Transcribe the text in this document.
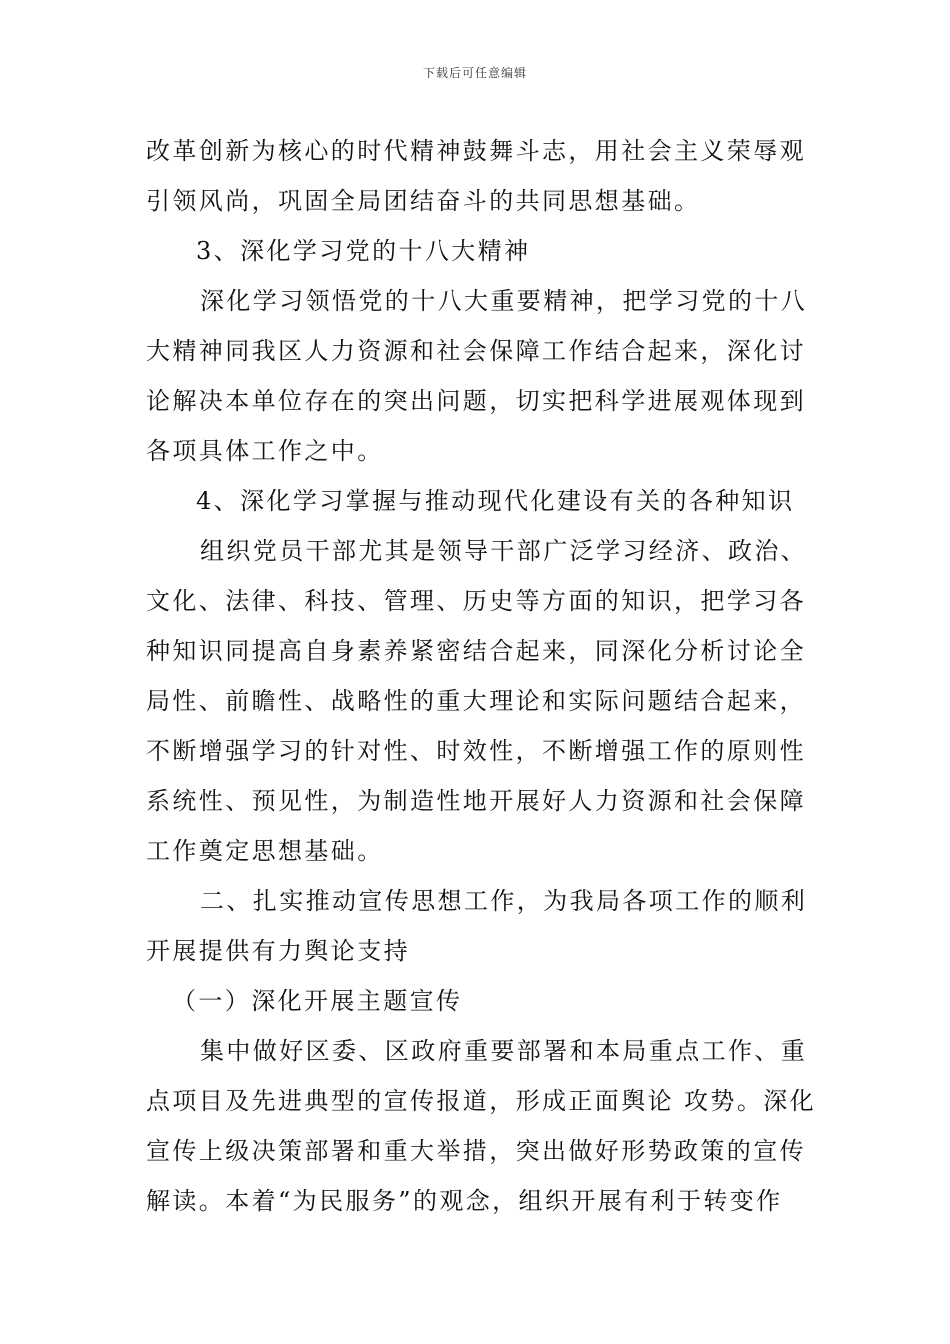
下载后可任意编辑
改革创新为核心的时代精神鼓舞斗志，用社会主义荣辱观
引领风尚，巩固全局团结奋斗的共同思想基础。
3、深化学习党的十八大精神
深化学习领悟党的十八大重要精神，把学习党的十八
大精神同我区人力资源和社会保障工作结合起来，深化讨
论解决本单位存在的突出问题，切实把科学进展观体现到
各项具体工作之中。
4、深化学习掌握与推动现代化建设有关的各种知识
组织党员干部尤其是领导干部广泛学习经济、政治、
文化、法律、科技、管理、历史等方面的知识，把学习各
种知识同提高自身素养紧密结合起来，同深化分析讨论全
局性、前瞻性、战略性的重大理论和实际问题结合起来，
不断增强学习的针对性、时效性，不断增强工作的原则性
系统性、预见性，为制造性地开展好人力资源和社会保障
工作奠定思想基础。
二、扎实推动宣传思想工作，为我局各项工作的顺利
开展提供有力舆论支持
（一）深化开展主题宣传
集中做好区委、区政府重要部署和本局重点工作、重
点项目及先进典型的宣传报道，形成正面舆论 攻势。深化
宣传上级决策部署和重大举措，突出做好形势政策的宣传
解读。本着“为民服务”的观念，组织开展有利于转变作
